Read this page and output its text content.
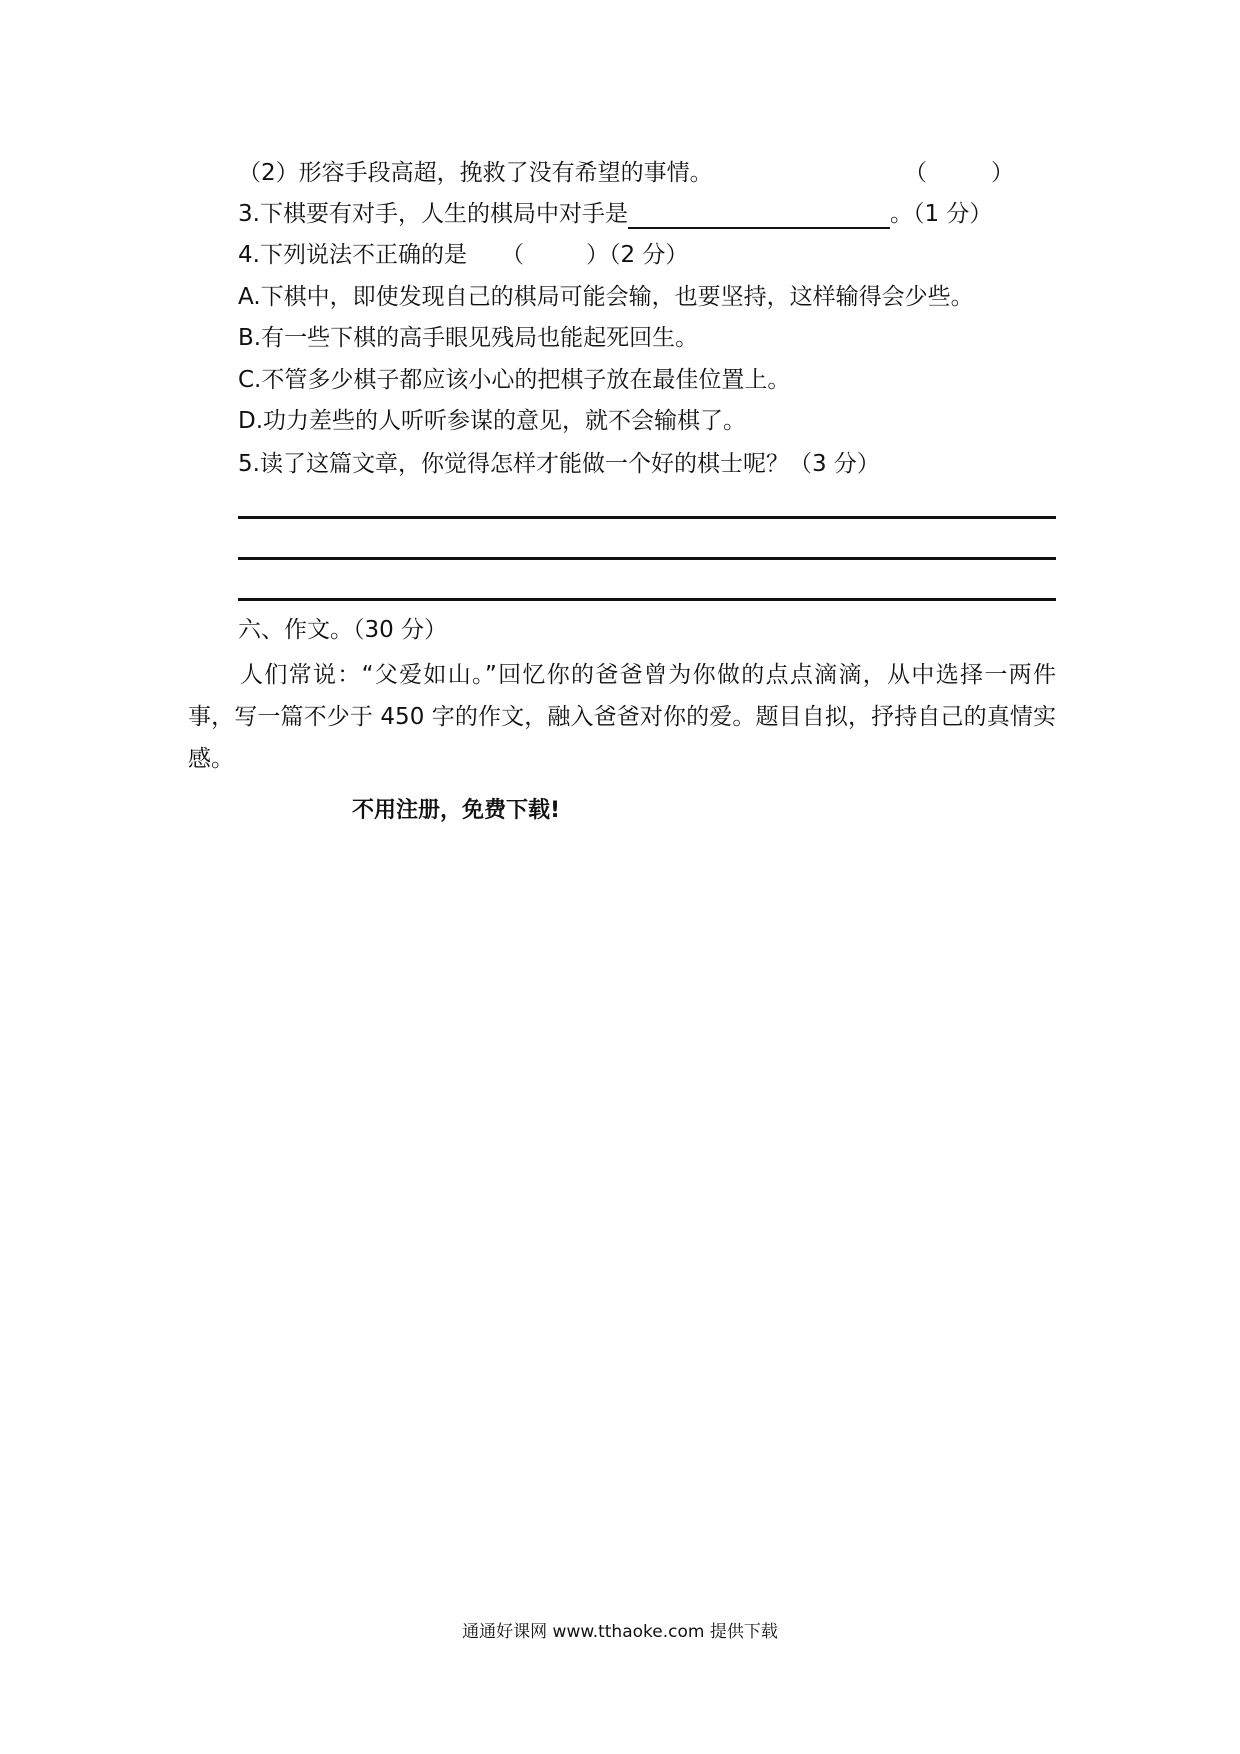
（2）形容手段高超，挽救了没有希望的事情。	（	）
3.下棋要有对手，人生的棋局中对手是	。（1 分）
4.下列说法不正确的是 （	）（2 分）
A.下棋中，即使发现自己的棋局可能会输，也要坚持，这样输得会少些。
B.有一些下棋的高手眼见残局也能起死回生。
C.不管多少棋子都应该小心的把棋子放在最佳位置上。
D.功力差些的人听听参谋的意见，就不会输棋了。
5.读了这篇文章，你觉得怎样才能做一个好的棋士呢？（3 分）
六、作文。（30 分）

人们常说：“父爱如山。”回忆你的爸爸曾为你做的点点滴滴，从中选择一两件事，写一篇不少于 450 字的作文，融入爸爸对你的爱。题目自拟，抒持自己的真情实感。

不用注册，免费下载!
通通好课网 www.tthaoke.com 提供下载
